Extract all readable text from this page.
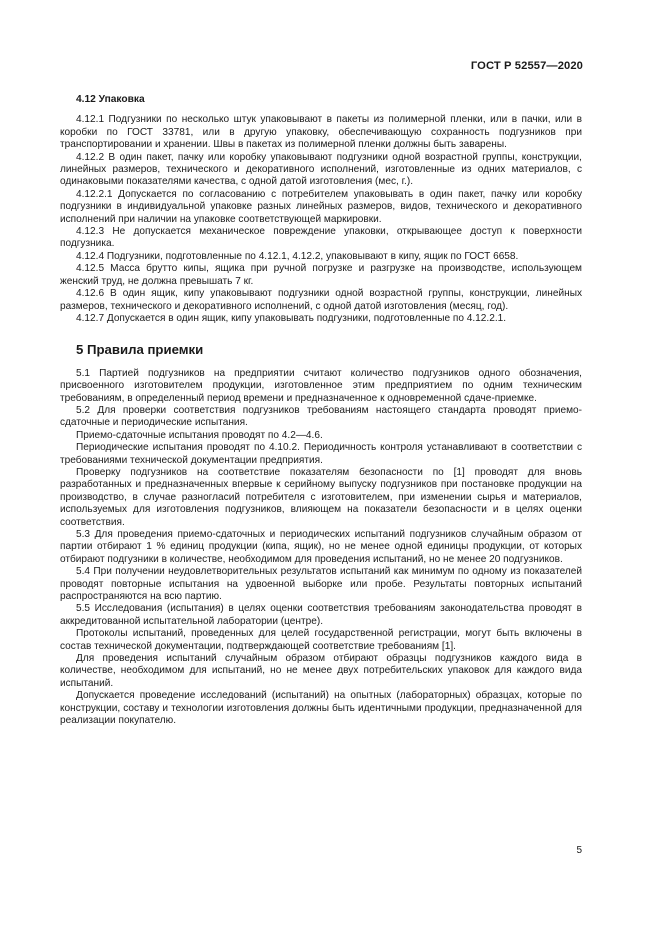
ГОСТ Р 52557—2020
4.12 Упаковка

4.12.1 Подгузники по несколько штук упаковывают в пакеты из полимерной пленки, или в пачки, или в коробки по ГОСТ 33781, или в другую упаковку, обеспечивающую сохранность подгузников при транспортировании и хранении. Швы в пакетах из полимерной пленки должны быть заварены.

4.12.2 В один пакет, пачку или коробку упаковывают подгузники одной возрастной группы, конструкции, линейных размеров, технического и декоративного исполнений, изготовленные из одних материалов, с одинаковыми показателями качества, с одной датой изготовления (мес, г.).

4.12.2.1 Допускается по согласованию с потребителем упаковывать в один пакет, пачку или коробку подгузники в индивидуальной упаковке разных линейных размеров, видов, технического и декоративного исполнений при наличии на упаковке соответствующей маркировки.

4.12.3 Не допускается механическое повреждение упаковки, открывающее доступ к поверхности подгузника.

4.12.4 Подгузники, подготовленные по 4.12.1, 4.12.2, упаковывают в кипу, ящик по ГОСТ 6658.

4.12.5 Масса брутто кипы, ящика при ручной погрузке и разгрузке на производстве, использующем женский труд, не должна превышать 7 кг.

4.12.6 В один ящик, кипу упаковывают подгузники одной возрастной группы, конструкции, линейных размеров, технического и декоративного исполнений, с одной датой изготовления (месяц, год).

4.12.7 Допускается в один ящик, кипу упаковывать подгузники, подготовленные по 4.12.2.1.

5 Правила приемки

5.1 Партией подгузников на предприятии считают количество подгузников одного обозначения, присвоенного изготовителем продукции, изготовленное этим предприятием по одним техническим требованиям, в определенный период времени и предназначенное к одновременной сдаче-приемке.

5.2 Для проверки соответствия подгузников требованиям настоящего стандарта проводят приемо-сдаточные и периодические испытания.

Приемо-сдаточные испытания проводят по 4.2—4.6.

Периодические испытания проводят по 4.10.2. Периодичность контроля устанавливают в соответствии с требованиями технической документации предприятия.

Проверку подгузников на соответствие показателям безопасности по [1] проводят для вновь разработанных и предназначенных впервые к серийному выпуску подгузников при постановке продукции на производство, в случае разногласий потребителя с изготовителем, при изменении сырья и материалов, используемых для изготовления подгузников, влияющем на показатели безопасности и в целях оценки соответствия.

5.3 Для проведения приемо-сдаточных и периодических испытаний подгузников случайным образом от партии отбирают 1 % единиц продукции (кипа, ящик), но не менее одной единицы продукции, от которых отбирают подгузники в количестве, необходимом для проведения испытаний, но не менее 20 подгузников.

5.4 При получении неудовлетворительных результатов испытаний как минимум по одному из показателей проводят повторные испытания на удвоенной выборке или пробе. Результаты повторных испытаний распространяются на всю партию.

5.5 Исследования (испытания) в целях оценки соответствия требованиям законодательства проводят в аккредитованной испытательной лаборатории (центре).

Протоколы испытаний, проведенных для целей государственной регистрации, могут быть включены в состав технической документации, подтверждающей соответствие требованиям [1].

Для проведения испытаний случайным образом отбирают образцы подгузников каждого вида в количестве, необходимом для испытаний, но не менее двух потребительских упаковок для каждого вида испытаний.

Допускается проведение исследований (испытаний) на опытных (лабораторных) образцах, которые по конструкции, составу и технологии изготовления должны быть идентичными продукции, предназначенной для реализации покупателю.

5
